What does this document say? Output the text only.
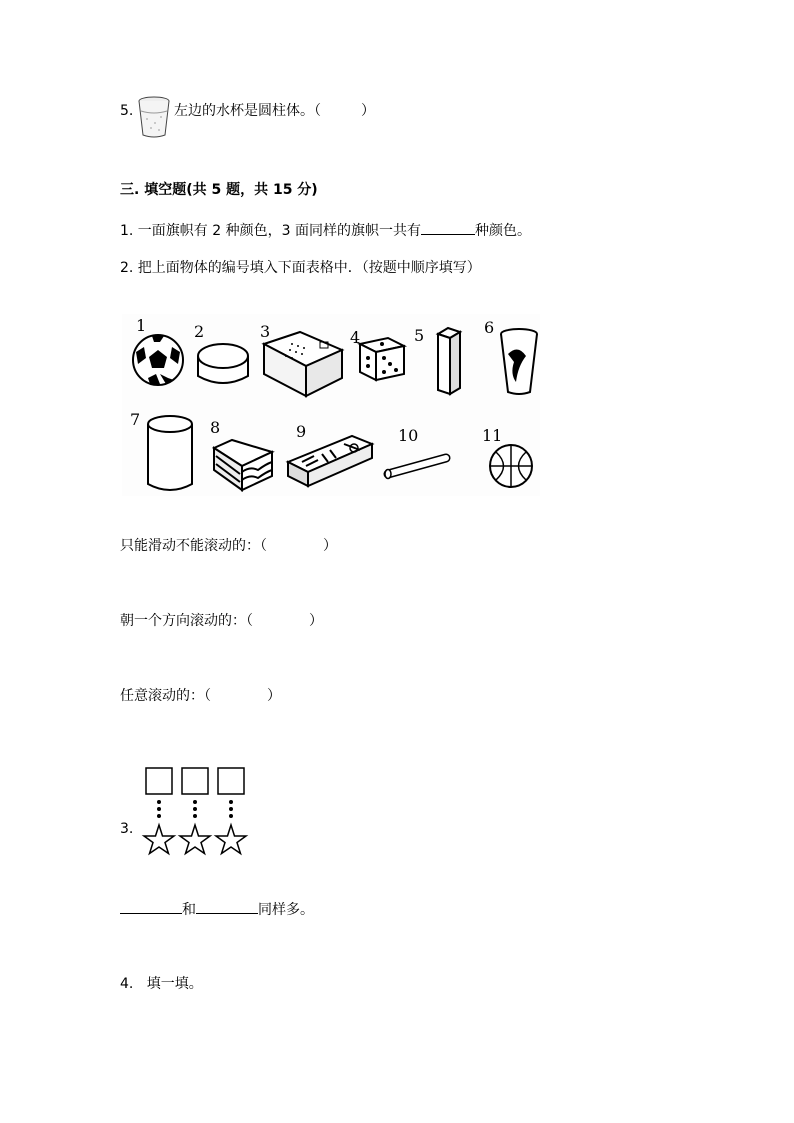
5.	左边的水杯是圆柱体。（	）
三. 填空题(共 5 题，共 15 分)
1. 一面旗帜有 2 种颜色，3 面同样的旗帜一共有	种颜色。
2. 把上面物体的编号填入下面表格中．（按题中顺序填写）
1	2	3	4	5	6
7	8	9	10	11
只能滑动不能滚动的：（	）
朝一个方向滚动的：（	）
任意滚动的：（	）
3.
和	同样多。
4.   填一填。
